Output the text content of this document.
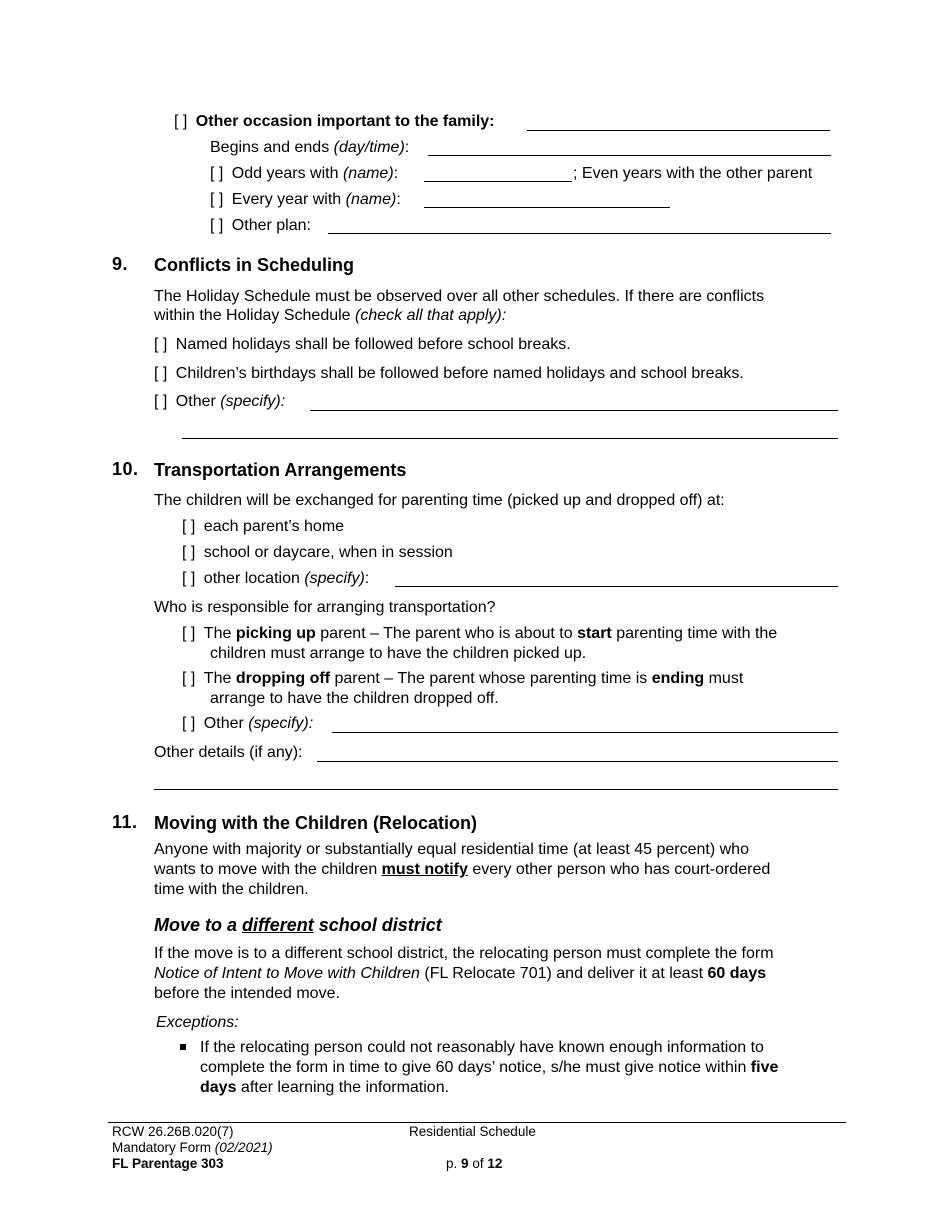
[ ] Other occasion important to the family:
Begins and ends (day/time):
[ ] Odd years with (name):	; Even years with the other parent
[ ] Every year with (name):
[ ] Other plan:
9. Conflicts in Scheduling
The Holiday Schedule must be observed over all other schedules. If there are conflicts
within the Holiday Schedule (check all that apply):
[ ] Named holidays shall be followed before school breaks.
[ ] Children’s birthdays shall be followed before named holidays and school breaks.
[ ] Other (specify):
10. Transportation Arrangements
The children will be exchanged for parenting time (picked up and dropped off) at:
[ ] each parent’s home
[ ] school or daycare, when in session
[ ] other location (specify):
Who is responsible for arranging transportation?
[ ] The picking up parent – The parent who is about to start parenting time with the
children must arrange to have the children picked up.
[ ] The dropping off parent – The parent whose parenting time is ending must
arrange to have the children dropped off.
[ ] Other (specify):
Other details (if any):
11. Moving with the Children (Relocation)
Anyone with majority or substantially equal residential time (at least 45 percent) who
wants to move with the children must notify every other person who has court-ordered
time with the children.
Move to a different school district
If the move is to a different school district, the relocating person must complete the form
Notice of Intent to Move with Children (FL Relocate 701) and deliver it at least 60 days
before the intended move.
Exceptions:
If the relocating person could not reasonably have known enough information to
complete the form in time to give 60 days’ notice, s/he must give notice within five
days after learning the information.
RCW 26.26B.020(7)
Mandatory Form (02/2021)
FL Parentage 303
Residential Schedule
p. 9 of 12
